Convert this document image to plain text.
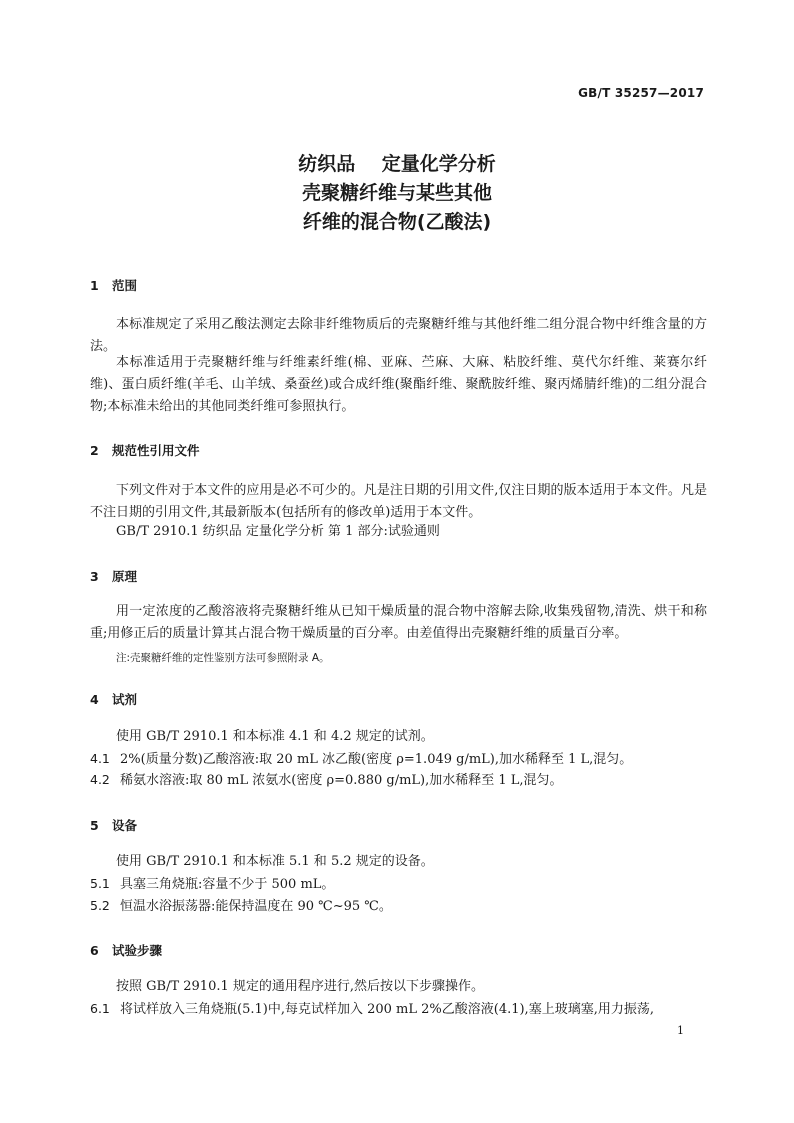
GB/T 35257—2017
纺织品    定量化学分析
壳聚糖纤维与某些其他
纤维的混合物(乙酸法)
1 范围
本标准规定了采用乙酸法测定去除非纤维物质后的壳聚糖纤维与其他纤维二组分混合物中纤维含量的方法。
本标准适用于壳聚糖纤维与纤维素纤维(棉、亚麻、苎麻、大麻、粘胶纤维、莫代尔纤维、莱赛尔纤维)、蛋白质纤维(羊毛、山羊绒、桑蚕丝)或合成纤维(聚酯纤维、聚酰胺纤维、聚丙烯腈纤维)的二组分混合物;本标准未给出的其他同类纤维可参照执行。
2 规范性引用文件
下列文件对于本文件的应用是必不可少的。凡是注日期的引用文件,仅注日期的版本适用于本文件。凡是不注日期的引用文件,其最新版本(包括所有的修改单)适用于本文件。
GB/T 2910.1 纺织品 定量化学分析 第 1 部分:试验通则
3 原理
用一定浓度的乙酸溶液将壳聚糖纤维从已知干燥质量的混合物中溶解去除,收集残留物,清洗、烘干和称重;用修正后的质量计算其占混合物干燥质量的百分率。由差值得出壳聚糖纤维的质量百分率。
注:壳聚糖纤维的定性鉴别方法可参照附录 A。
4 试剂
使用 GB/T 2910.1 和本标准 4.1 和 4.2 规定的试剂。
4.1 2%(质量分数)乙酸溶液:取 20 mL 冰乙酸(密度 ρ=1.049 g/mL),加水稀释至 1 L,混匀。
4.2 稀氨水溶液:取 80 mL 浓氨水(密度 ρ=0.880 g/mL),加水稀释至 1 L,混匀。
5 设备
使用 GB/T 2910.1 和本标准 5.1 和 5.2 规定的设备。
5.1 具塞三角烧瓶:容量不少于 500 mL。
5.2 恒温水浴振荡器:能保持温度在 90 ℃~95 ℃。
6 试验步骤
按照 GB/T 2910.1 规定的通用程序进行,然后按以下步骤操作。
6.1 将试样放入三角烧瓶(5.1)中,每克试样加入 200 mL 2%乙酸溶液(4.1),塞上玻璃塞,用力振荡,
1
